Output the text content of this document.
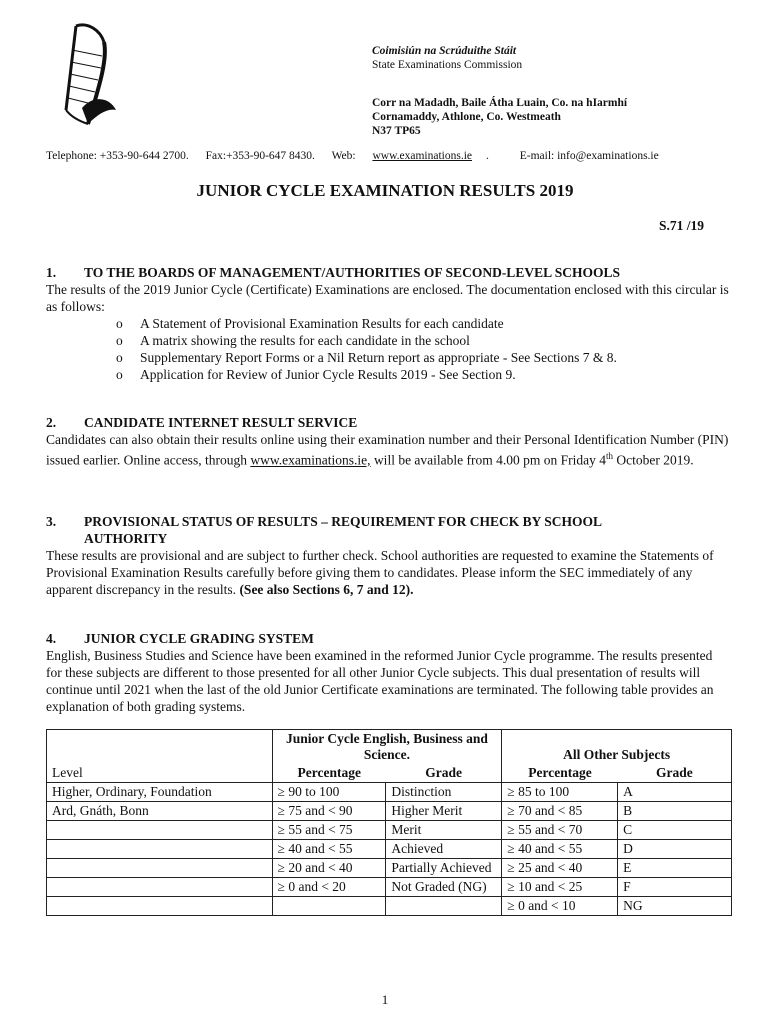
Coimisiún na Scrúduithe Stáit
State Examinations Commission
Corr na Madadh, Baile Átha Luain, Co. na hIarmhí
Cornamaddy, Athlone, Co. Westmeath
N37 TP65
Telephone: +353-90-644 2700. Fax:+353-90-647 8430. Web: www.examinations.ie .	E-mail: info@examinations.ie
JUNIOR CYCLE EXAMINATION RESULTS 2019
S.71 /19
1.	TO THE BOARDS OF MANAGEMENT/AUTHORITIES OF SECOND-LEVEL SCHOOLS
The results of the 2019 Junior Cycle (Certificate) Examinations are enclosed. The documentation enclosed with this circular is as follows:
o	A Statement of Provisional Examination Results for each candidate
o	A matrix showing the results for each candidate in the school
o	Supplementary Report Forms or a Nil Return report as appropriate - See Sections 7 & 8.
o	Application for Review of Junior Cycle Results 2019 - See Section 9.
2.	CANDIDATE INTERNET RESULT SERVICE
Candidates can also obtain their results online using their examination number and their Personal Identification Number (PIN) issued earlier. Online access, through www.examinations.ie, will be available from 4.00 pm on Friday 4th October 2019.
3.	PROVISIONAL STATUS OF RESULTS – REQUIREMENT FOR CHECK BY SCHOOL
AUTHORITY
These results are provisional and are subject to further check. School authorities are requested to examine the Statements of Provisional Examination Results carefully before giving them to candidates. Please inform the SEC immediately of any apparent discrepancy in the results. (See also Sections 6, 7 and 12).
4.	JUNIOR CYCLE GRADING SYSTEM
English, Business Studies and Science have been examined in the reformed Junior Cycle programme. The results presented for these subjects are different to those presented for all other Junior Cycle subjects. This dual presentation of results will continue until 2021 when the last of the old Junior Certificate examinations are terminated. The following table provides an explanation of both grading systems.
Level	Junior Cycle English, Business and Science.		All Other Subjects	
	Percentage	Grade	Percentage	Grade
Higher, Ordinary, Foundation	≥ 90 to 100	Distinction	≥ 85 to 100	A
Ard, Gnáth, Bonn	≥ 75 and < 90	Higher Merit	≥ 70 and < 85	B
	≥ 55 and < 75	Merit	≥ 55 and < 70	C
	≥ 40 and < 55	Achieved	≥ 40 and < 55	D
	≥ 20 and < 40	Partially Achieved	≥ 25 and < 40	E
	≥ 0 and < 20	Not Graded (NG)	≥ 10 and < 25	F
			≥ 0 and < 10	NG
1
